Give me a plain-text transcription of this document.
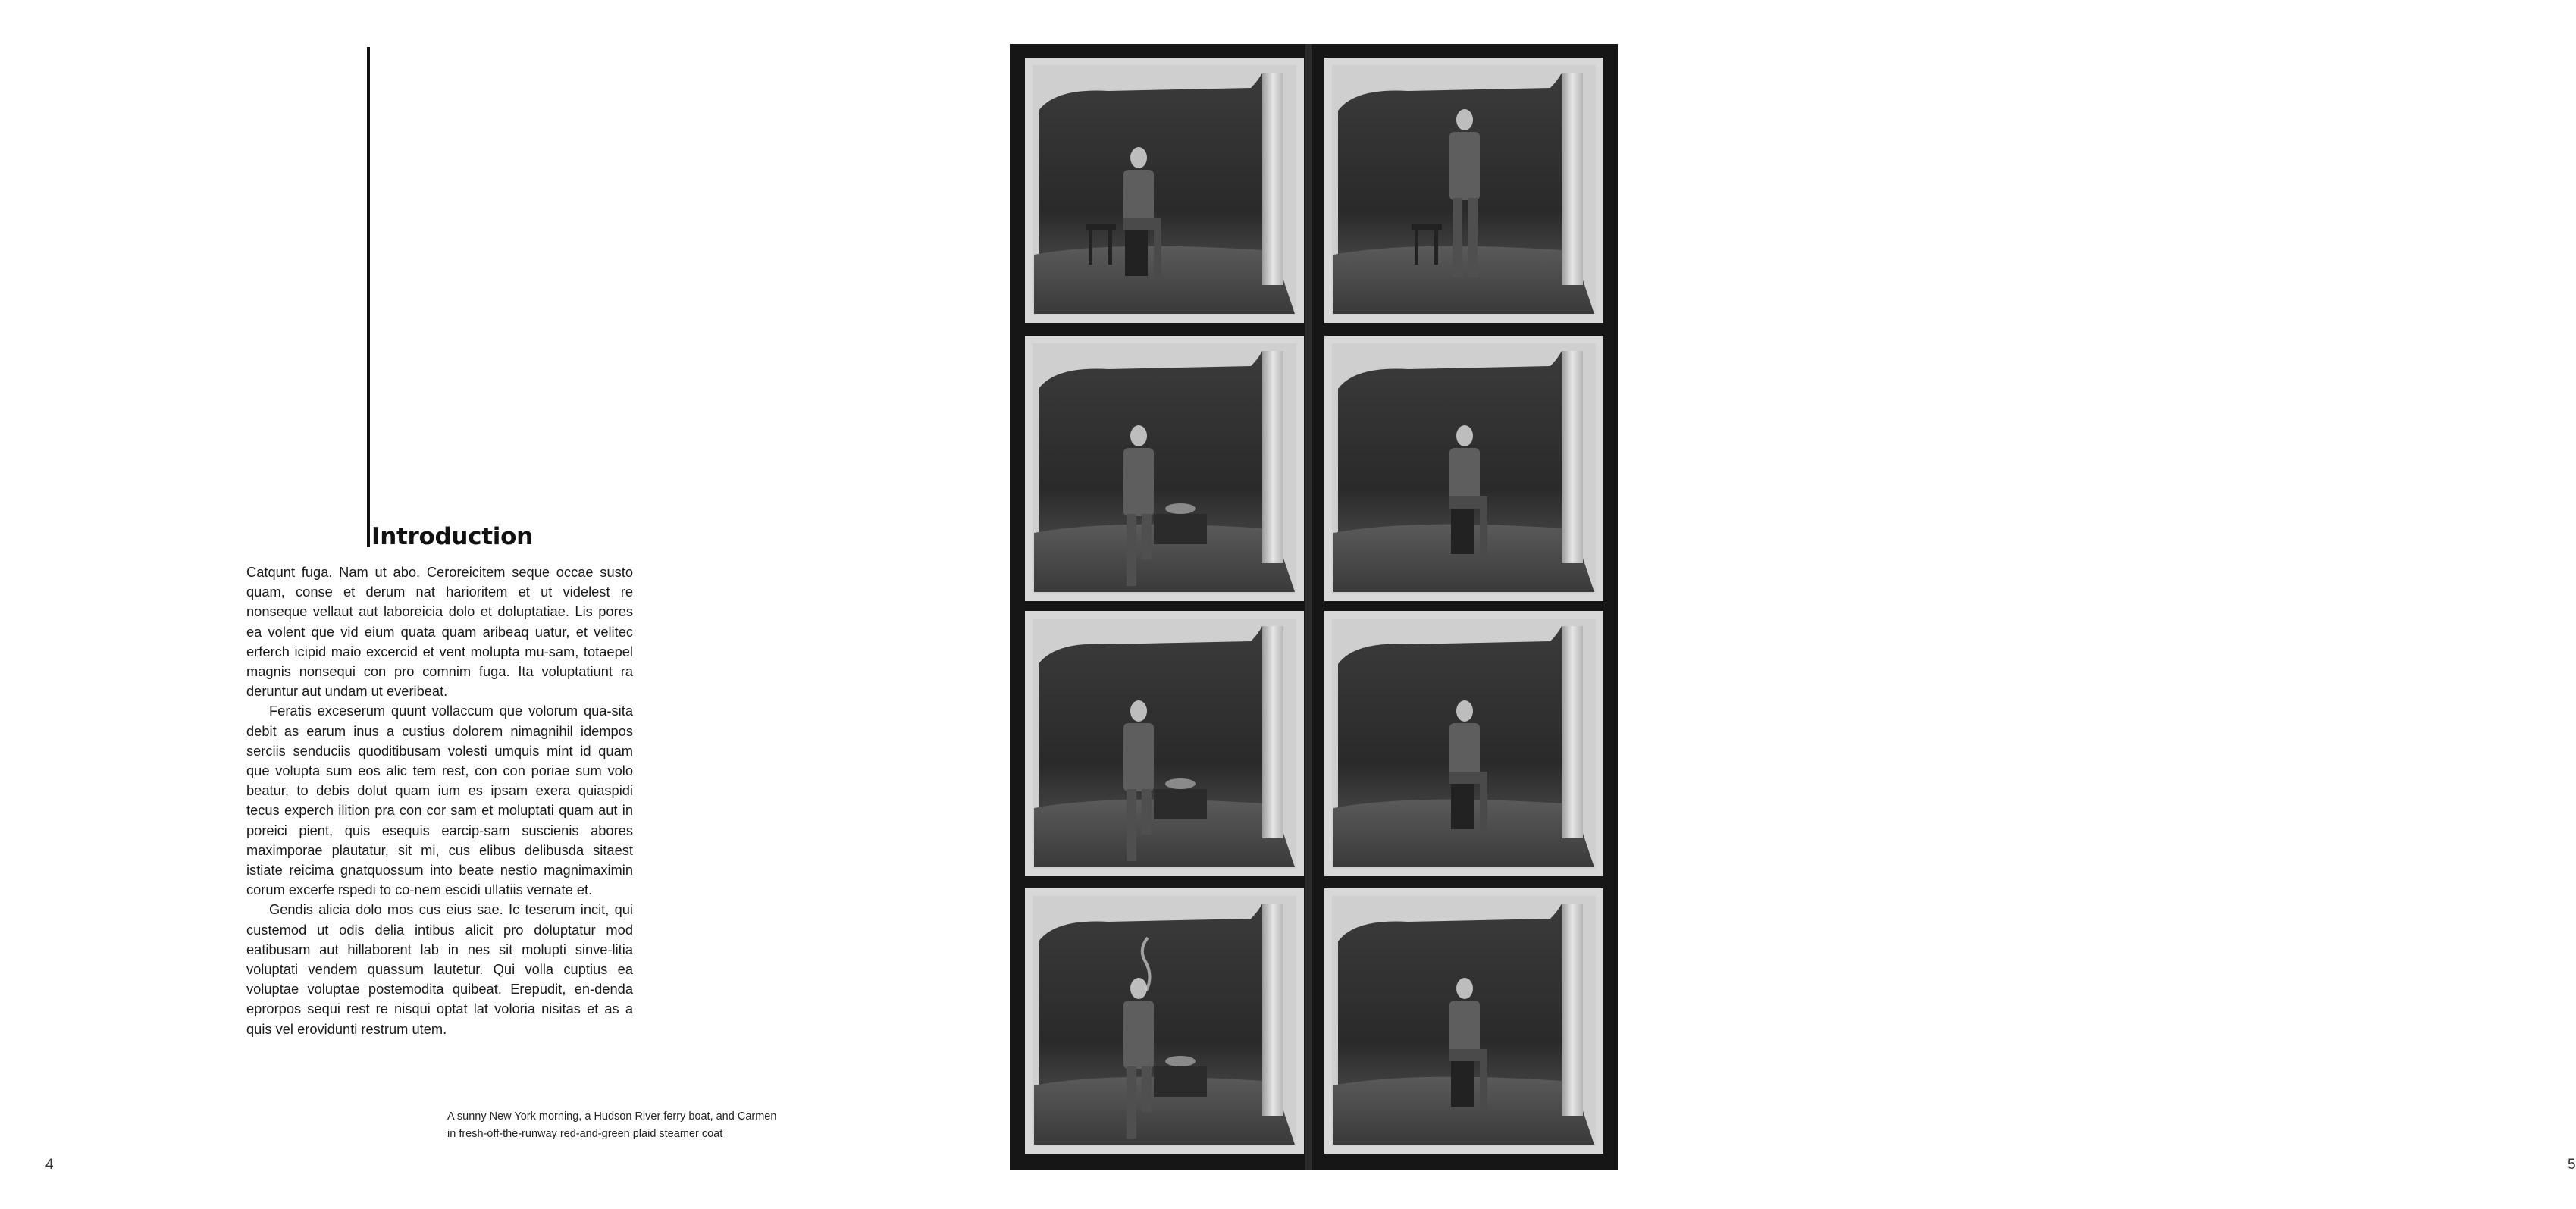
Introduction

Catqunt fuga. Nam ut abo. Ceroreicitem seque occae susto quam, conse et derum nat harioritem et ut videlest re nonseque vellaut aut laboreicia dolo et doluptatiae. Lis pores ea volent que vid eium quata quam aribeaq uatur, et velitec erferch icipid maio excercid et vent molupta mu-sam, totaepel magnis nonsequi con pro comnim fuga. Ita voluptatiunt ra deruntur aut undam ut everibeat.

Feratis exceserum quunt vollaccum que volorum qua-sita debit as earum inus a custius dolorem nimagnihil idempos serciis senduciis quoditibusam volesti umquis mint id quam que volupta sum eos alic tem rest, con con poriae sum volo beatur, to debis dolut quam ium es ipsam exera quiaspidi tecus experch ilition pra con cor sam et moluptati quam aut in poreici pient, quis esequis earcip-sam suscienis abores maximporae plautatur, sit mi, cus elibus delibusda sitaest istiate reicima gnatquossum into beate nestio magnimaximin corum excerfe rspedi to co-nem escidi ullatiis vernate et.

Gendis alicia dolo mos cus eius sae. Ic teserum incit, qui custemod ut odis delia intibus alicit pro doluptatur mod eatibusam aut hillaborent lab in nes sit molupti sinve-litia voluptati vendem quassum lautetur. Qui volla cuptius ea voluptae voluptae postemodita quibeat. Erepudit, en-denda eprorpos sequi rest re nisqui optat lat voloria nisitas et as a quis vel erovidunti restrum utem.

A sunny New York morning, a Hudson River ferry boat, and Carmen
in fresh-off-the-runway red-and-green plaid steamer coat
4	5
